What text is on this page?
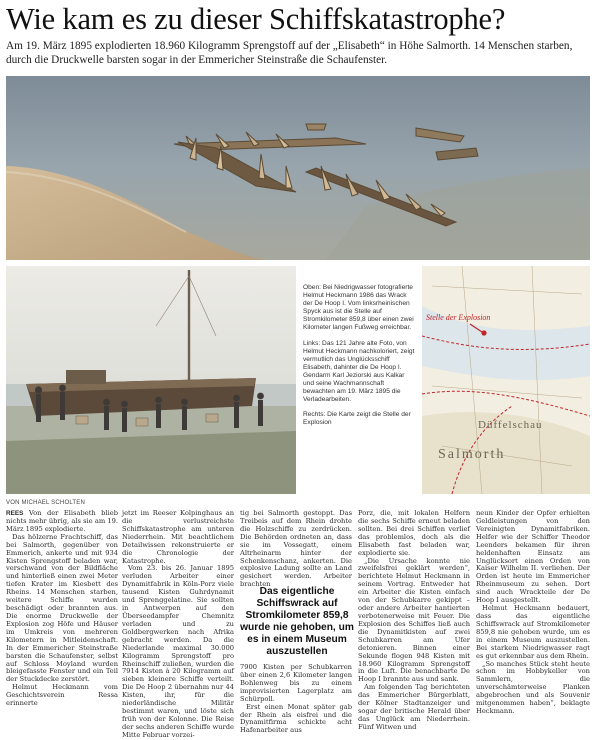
Wie kam es zu dieser Schiffskatastrophe?

Am 19. März 1895 explodierten 18.960 Kilogramm Sprengstoff auf der „Elisabeth“ in Höhe Salmorth. 14 Menschen starben, durch die Druckwelle barsten sogar in der Emmericher Steinstraße die Schaufenster.

Oben: Bei Niedrigwasser fotografierte Helmut Heckmann 1986 das Wrack der De Hoop I. Vom linksrheinischen Spyck aus ist die Stelle auf Stromkilometer 859,8 über einen zwei Kilometer langen Fußweg erreichbar.

Links: Das 121 Jahre alte Foto, von Helmut Heckmann nachkoloriert, zeigt vermutlich das Unglücksschiff Elisabeth, dahinter die De Hoop I. Gendarm Karl Jeziorski aus Kalkar und seine Wachmannschaft bewachten am 19. März 1895 die Verladearbeiten.

Rechts: Die Karte zeigt die Stelle der Explosion

Stelle der Explosion
Düffelschau
Salmorth
VON MICHAEL SCHOLTEN

REES Von der Elisabeth blieb nichts mehr übrig, als sie am 19. März 1895 explodierte.

Das hölzerne Frachtschiff, das bei Salmorth, gegenüber von Emmerich, ankerte und mit 934 Kisten Sprengstoff beladen war, verschwand von der Bildfläche und hinterließ einen zwei Meter tiefen Krater im Kiesbett des Rheins. 14 Menschen starben, weitere Schiffe wurden beschädigt oder brannten aus. Die enorme Druckwelle der Explosion zog Höfe und Häuser im Umkreis von mehreren Kilometern in Mitleidenschaft. In der Emmericher Steinstraße barsten die Schaufenster, selbst auf Schloss Moyland wurden bleigefasste Fenster und ein Teil der Stuckdecke zerstört.

Helmut Heckmann vom Geschichtsverein Ressa erinnerte

jetzt im Reeser Kolpinghaus an die verlustreichste Schiffskatastrophe am unteren Niederrhein. Mit beachtlichem Detailwissen rekonstruierte er die Chronologie der Katastrophe.

Vom 23. bis 26. Januar 1895 verluden Arbeiter einer Dynamitfabrik in Köln-Porz viele tausend Kisten Guhrdynamit und Sprenggelatine. Sie sollten in Antwerpen auf den Überseedampfer Chemnitz verladen und zu Goldbergwerken nach Afrika gebracht werden. Da die Niederlande maximal 30.000 Kilogramm Sprengstoff pro Rheinschiff zuließen, wurden die 7914 Kisten à 20 Kilogramm auf sieben kleinere Schiffe verteilt. Die De Hoop 2 übernahm nur 44 Kisten, ihr, für die niederländische Militär bestimmt waren, und löste sich früh von der Kolonne. Die Reise der sechs anderen Schiffe wurde Mitte Februar vorzei-

tig bei Salmorth gestoppt. Das Treibeis auf dem Rhein drohte die Holzschiffe zu zerdrücken. Die Behörden ordneten an, dass sie im Vossegatt, einem Altrheinarm hinter der Schenkenschanz, ankerten. Die explosive Ladung sollte an Land gesichert werden. Arbeiter brachten

Das eigentliche Schiffswrack auf Stromkilometer 859,8 wurde nie gehoben, um es in einem Museum auszustellen

7900 Kisten per Schubkarren über einen 2,6 Kilometer langen Bohlenweg bis zu einem improvisierten Lagerplatz am Schürpoll.

Erst einen Monat später gab der Rhein als eisfrei und die Dynamitfirma schickte acht Hafenarbeiter aus

Porz, die, mit lokalen Helfern die sechs Schiffe erneut beladen sollten. Bei drei Schiffen verlief das problemlos, doch als die Elisabeth fast beladen war, explodierte sie.

„Die Ursache konnte nie zweifelsfrei geklärt werden“, berichtete Helmut Heckmann in seinem Vortrag. Entweder hat ein Arbeiter die Kisten einfach von der Schubkarre gekippt – oder andere Arbeiter hantierten verbotenerweise mit Feuer. Die Explosion des Schiffes ließ auch die Dynamitkisten auf zwei Schubkarren am Ufer detonieren. Binnen einer Sekunde flogen 948 Kisten mit 18.960 Kilogramm Sprengstoff in die Luft. Die benachbarte De Hoop I brannte aus und sank.

Am folgenden Tag berichteten das Emmericher Bürgerblatt, der Kölner Stadtanzeiger und sogar der britische Herald über das Unglück am Niederrhein. Fünf Witwen und

neun Kinder der Opfer erhielten Geldleistungen von den Vereinigten Dynamitfabriken. Helfer wie der Schiffer Theodor Leenders bekamen für ihren heldenhaften Einsatz am Unglücksort einen Orden von Kaiser Wilhelm II. verliehen. Der Orden ist heute im Emmericher Rheinmuseum zu sehen. Dort sind auch Wrackteile der De Hoop I ausgestellt.

Helmut Heckmann bedauert, dass das eigentliche Schiffswrack auf Stromkilometer 859,8 nie gehoben wurde, um es in einem Museum auszustellen. Bei starkem Niedrigwasser ragt es gut erkennbar aus dem Rhein.

„So manches Stück steht heute schon im Hobbykeller von Sammlern, die unverschämterweise Planken abgebrochen und als Souvenir mitgenommen haben“, beklagte Heckmann.
